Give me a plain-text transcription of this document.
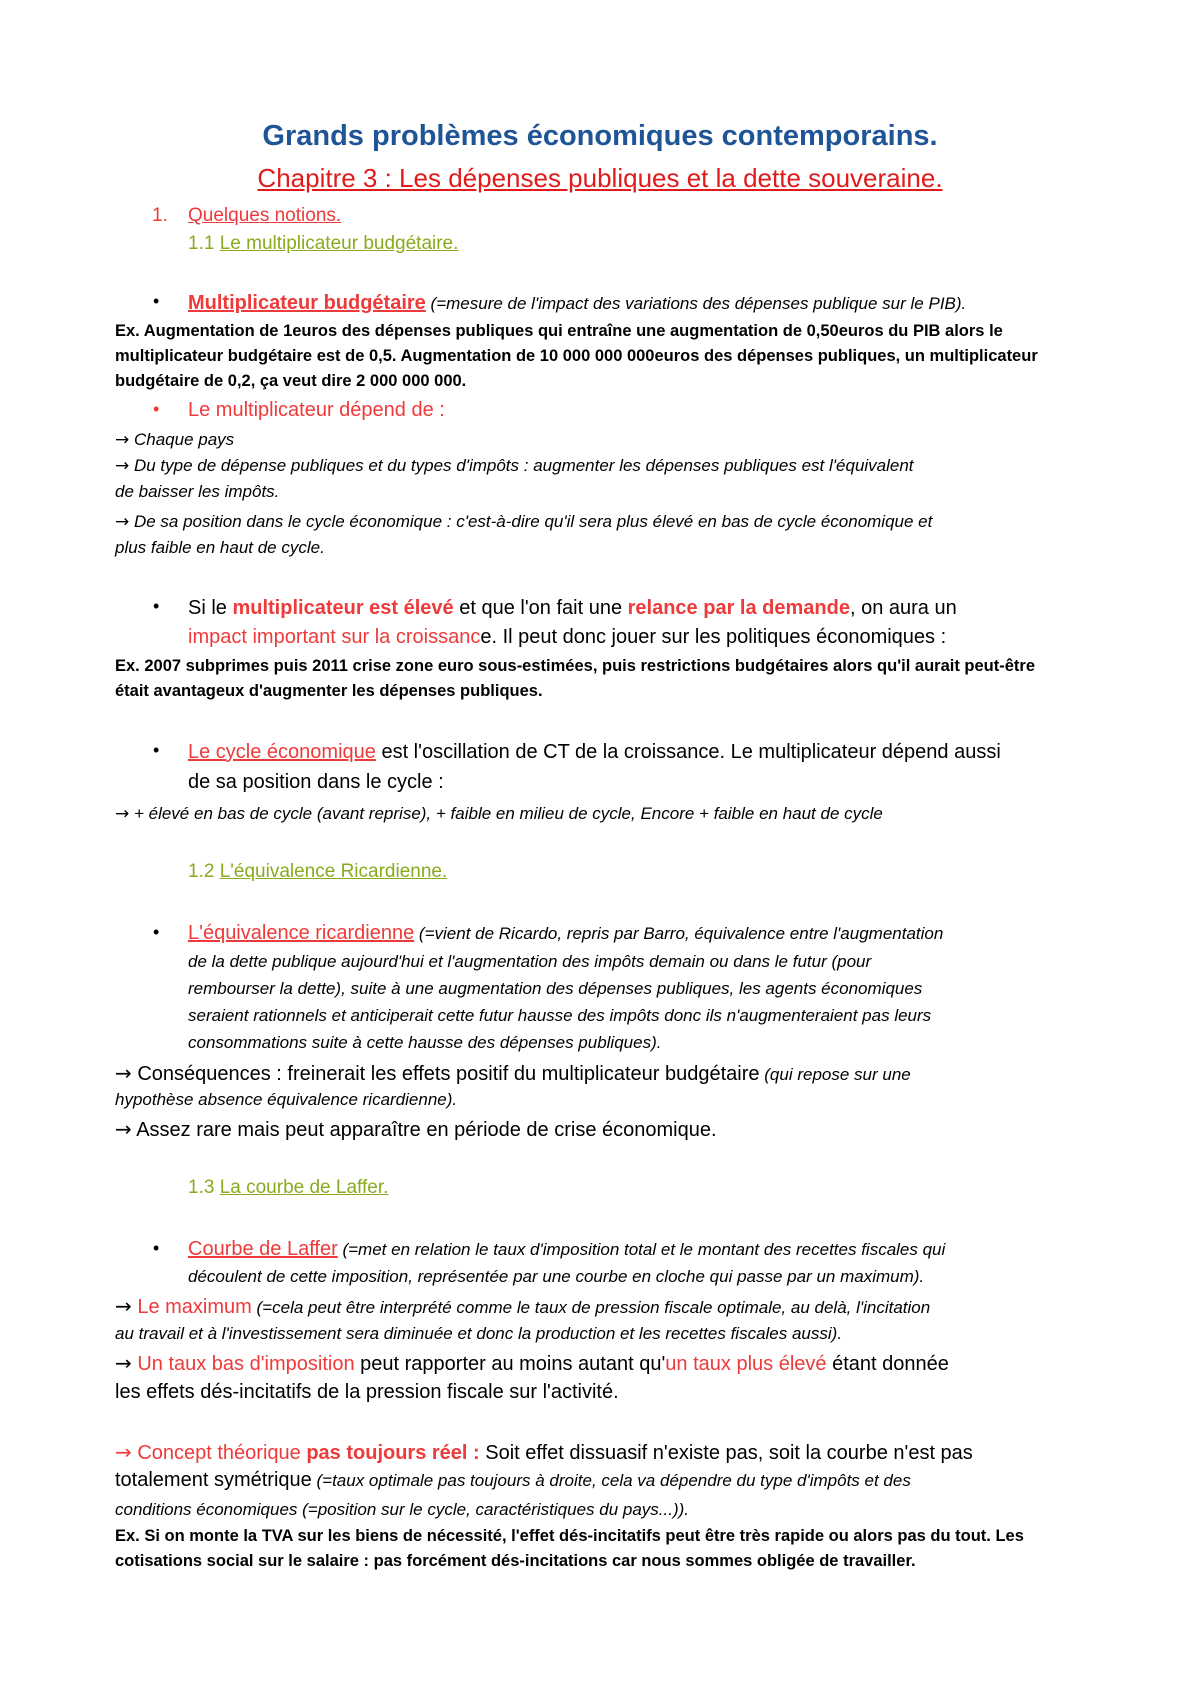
Grands problèmes économiques contemporains.
Chapitre 3 : Les dépenses publiques et la dette souveraine.
1. Quelques notions.
1.1 Le multiplicateur budgétaire.
• Multiplicateur budgétaire (=mesure de l'impact des variations des dépenses publique sur le PIB).
Ex. Augmentation de 1euros des dépenses publiques qui entraîne une augmentation de 0,50euros du PIB alors le
multiplicateur budgétaire est de 0,5. Augmentation de 10 000 000 000euros des dépenses publiques, un multiplicateur
budgétaire de 0,2, ça veut dire 2 000 000 000.
• Le multiplicateur dépend de :
→ Chaque pays
→ Du type de dépense publiques et du types d'impôts : augmenter les dépenses publiques est l'équivalent
de baisser les impôts.
→ De sa position dans le cycle économique : c'est-à-dire qu'il sera plus élevé en bas de cycle économique et
plus faible en haut de cycle.
• Si le multiplicateur est élevé et que l'on fait une relance par la demande, on aura un
impact important sur la croissance. Il peut donc jouer sur les politiques économiques :
Ex. 2007 subprimes puis 2011 crise zone euro sous-estimées, puis restrictions budgétaires alors qu'il aurait peut-être
était avantageux d'augmenter les dépenses publiques.
• Le cycle économique est l'oscillation de CT de la croissance. Le multiplicateur dépend aussi
de sa position dans le cycle :
→ + élevé en bas de cycle (avant reprise), + faible en milieu de cycle, Encore + faible en haut de cycle
1.2 L'équivalence Ricardienne.
• L'équivalence ricardienne (=vient de Ricardo, repris par Barro, équivalence entre l'augmentation
de la dette publique aujourd'hui et l'augmentation des impôts demain ou dans le futur (pour
rembourser la dette), suite à une augmentation des dépenses publiques, les agents économiques
seraient rationnels et anticiperait cette futur hausse des impôts donc ils n'augmenteraient pas leurs
consommations suite à cette hausse des dépenses publiques).
→ Conséquences : freinerait les effets positif du multiplicateur budgétaire (qui repose sur une
hypothèse absence équivalence ricardienne).
→ Assez rare mais peut apparaître en période de crise économique.
1.3 La courbe de Laffer.
• Courbe de Laffer (=met en relation le taux d'imposition total et le montant des recettes fiscales qui
découlent de cette imposition, représentée par une courbe en cloche qui passe par un maximum).
→ Le maximum (=cela peut être interprété comme le taux de pression fiscale optimale, au delà, l'incitation
au travail et à l'investissement sera diminuée et donc la production et les recettes fiscales aussi).
→ Un taux bas d'imposition peut rapporter au moins autant qu'un taux plus élevé étant donnée
les effets dés-incitatifs de la pression fiscale sur l'activité.
→ Concept théorique pas toujours réel : Soit effet dissuasif n'existe pas, soit la courbe n'est pas
totalement symétrique (=taux optimale pas toujours à droite, cela va dépendre du type d'impôts et des
conditions économiques (=position sur le cycle, caractéristiques du pays...)).
Ex. Si on monte la TVA sur les biens de nécessité, l'effet dés-incitatifs peut être très rapide ou alors pas du tout. Les
cotisations social sur le salaire : pas forcément dés-incitations car nous sommes obligée de travailler.
